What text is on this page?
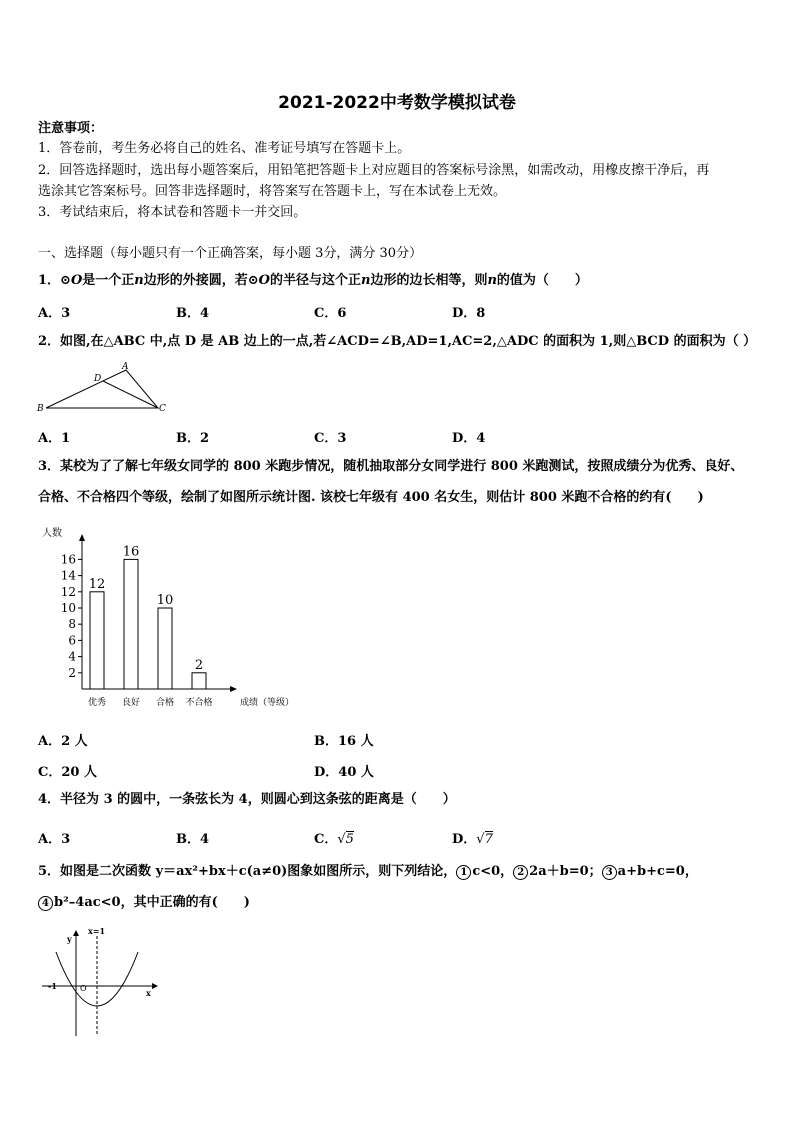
2021-2022中考数学模拟试卷
注意事项：
1．答卷前，考生务必将自己的姓名、准考证号填写在答题卡上。
2．回答选择题时，选出每小题答案后，用铅笔把答题卡上对应题目的答案标号涂黑，如需改动，用橡皮擦干净后，再
选涂其它答案标号。回答非选择题时，将答案写在答题卡上，写在本试卷上无效。
3．考试结束后，将本试卷和答题卡一并交回。
一、选择题（每小题只有一个正确答案，每小题 3分，满分 30分）
1．⊙O是一个正n边形的外接圆，若⊙O的半径与这个正n边形的边长相等，则n的值为（　　）
A．3	B．4	C．6	D．8
2．如图,在△ABC 中,点 D 是 AB 边上的一点,若∠ACD=∠B,AD=1,AC=2,△ADC 的面积为 1,则△BCD 的面积为（ ）
A
D
B	C
A．1	B．2	C．3	D．4
3．某校为了了解七年级女同学的 800 米跑步情况，随机抽取部分女同学进行 800 米跑测试，按照成绩分为优秀、良好、
合格、不合格四个等级，绘制了如图所示统计图. 该校七年级有 400 名女生，则估计 800 米跑不合格的约有(　　)
人数
成绩（等级）
2
4
6
8
10
12
14
16
12
优秀
16
良好
10
合格
2
不合格
A．2 人	B．16 人
C．20 人	D．40 人
4．半径为 3 的圆中，一条弦长为 4，则圆心到这条弦的距离是（　　）
A．3	B．4	C．√5	D．√7
5．如图是二次函数 y＝ax²+bx＋c(a≠0)图象如图所示，则下列结论， 1 c<0， 2 2a＋b=0； 3 a+b+c=0，
4 b²–4ac<0，其中正确的有(　　)
x=1
y
x
O
-1
